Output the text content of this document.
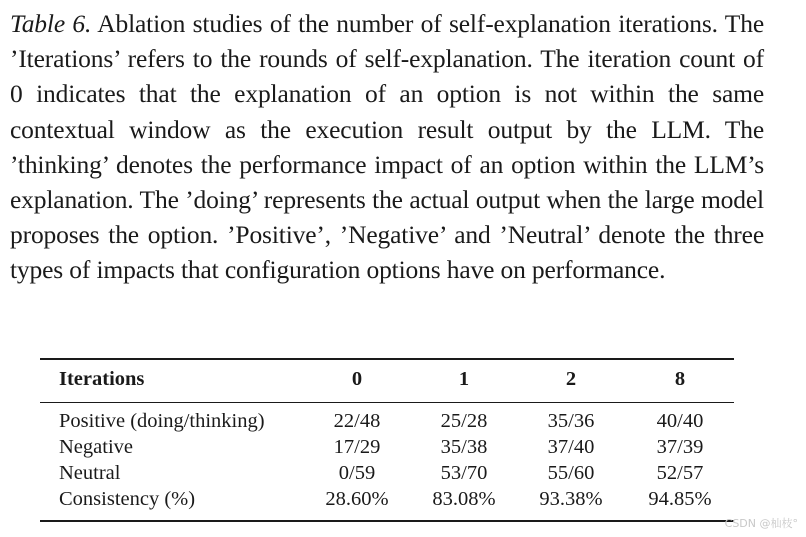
Table 6. Ablation studies of the number of self-explanation iterations. The ’Iterations’ refers to the rounds of self-explanation. The iteration count of 0 indicates that the explanation of an option is not within the same contextual window as the execution result output by the LLM. The ’thinking’ denotes the performance impact of an option within the LLM’s explanation. The ’doing’ represents the actual output when the large model proposes the option. ’Positive’, ’Negative’ and ’Neutral’ denote the three types of impacts that configuration options have on performance.
Iterations	0	1	2	8
Positive (doing/thinking)	22/48	25/28	35/36	40/40
Negative	17/29	35/38	37/40	37/39
Neutral	0/59	53/70	55/60	52/57
Consistency (%)	28.60% 83.08% 93.38% 94.85%
CSDN @杣枝°
